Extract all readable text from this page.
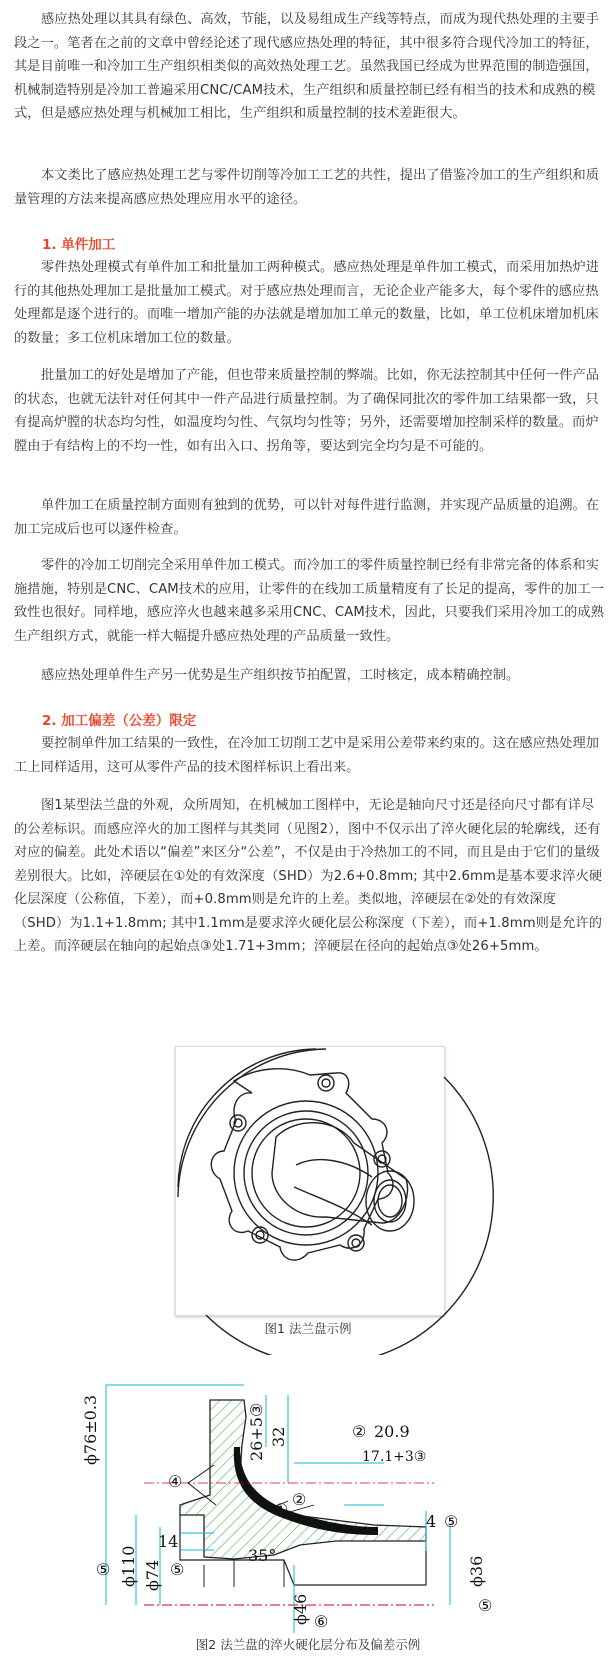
感应热处理以其具有绿色、高效，节能，以及易组成生产线等特点，而成为现代热处理的主要手段之一。笔者在之前的文章中曾经论述了现代感应热处理的特征，其中很多符合现代冷加工的特征，其是目前唯一和冷加工生产组织相类似的高效热处理工艺。虽然我国已经成为世界范围的制造强国，机械制造特别是冷加工普遍采用CNC/CAM技术，生产组织和质量控制已经有相当的技术和成熟的模式，但是感应热处理与机械加工相比，生产组织和质量控制的技术差距很大。

本文类比了感应热处理工艺与零件切削等冷加工工艺的共性，提出了借鉴冷加工的生产组织和质量管理的方法来提高感应热处理应用水平的途径。

1. 单件加工

零件热处理模式有单件加工和批量加工两种模式。感应热处理是单件加工模式，而采用加热炉进行的其他热处理加工是批量加工模式。对于感应热处理而言，无论企业产能多大，每个零件的感应热处理都是逐个进行的。而唯一增加产能的办法就是增加加工单元的数量，比如，单工位机床增加机床的数量；多工位机床增加工位的数量。

批量加工的好处是增加了产能，但也带来质量控制的弊端。比如，你无法控制其中任何一件产品的状态，也就无法针对任何其中一件产品进行质量控制。为了确保同批次的零件加工结果都一致，只有提高炉膛的状态均匀性，如温度均匀性、气氛均匀性等；另外，还需要增加控制采样的数量。而炉膛由于有结构上的不均一性，如有出入口、拐角等，要达到完全均匀是不可能的。

单件加工在质量控制方面则有独到的优势，可以针对每件进行监测，并实现产品质量的追溯。在加工完成后也可以逐件检查。

零件的冷加工切削完全采用单件加工模式。而冷加工的零件质量控制已经有非常完备的体系和实施措施，特别是CNC、CAM技术的应用，让零件的在线加工质量精度有了长足的提高，零件的加工一致性也很好。同样地，感应淬火也越来越多采用CNC、CAM技术，因此，只要我们采用冷加工的成熟生产组织方式，就能一样大幅提升感应热处理的产品质量一致性。

感应热处理单件生产另一优势是生产组织按节拍配置，工时核定，成本精确控制。

2. 加工偏差（公差）限定

要控制单件加工结果的一致性，在冷加工切削工艺中是采用公差带来约束的。这在感应热处理加工上同样适用，这可从零件产品的技术图样标识上看出来。

图1某型法兰盘的外观，众所周知，在机械加工图样中，无论是轴向尺寸还是径向尺寸都有详尽的公差标识。而感应淬火的加工图样与其类同（见图2），图中不仅示出了淬火硬化层的轮廓线，还有对应的偏差。此处术语以“偏差”来区分“公差”，不仅是由于冷热加工的不同，而且是由于它们的量级差别很大。比如，淬硬层在①处的有效深度（SHD）为2.6+0.8mm; 其中2.6mm是基本要求淬火硬化层深度（公称值，下差），而+0.8mm则是允许的上差。类似地，淬硬层在②处的有效深度（SHD）为1.1+1.8mm; 其中1.1mm是要求淬火硬化层公称深度（下差），而+1.8mm则是允许的上差。而淬硬层在轴向的起始点③处1.71+3mm；淬硬层在径向的起始点③处26+5mm。

图1 法兰盘示例
ϕ76±0.3
ϕ110 ϕ74
14
26+5③ 32	20.9
17.1+3③
4
35°
ϕ46
ϕ36
①
②
②
④
⑤
⑤	⑤
⑤
⑥
图2 法兰盘的淬火硬化层分布及偏差示例
